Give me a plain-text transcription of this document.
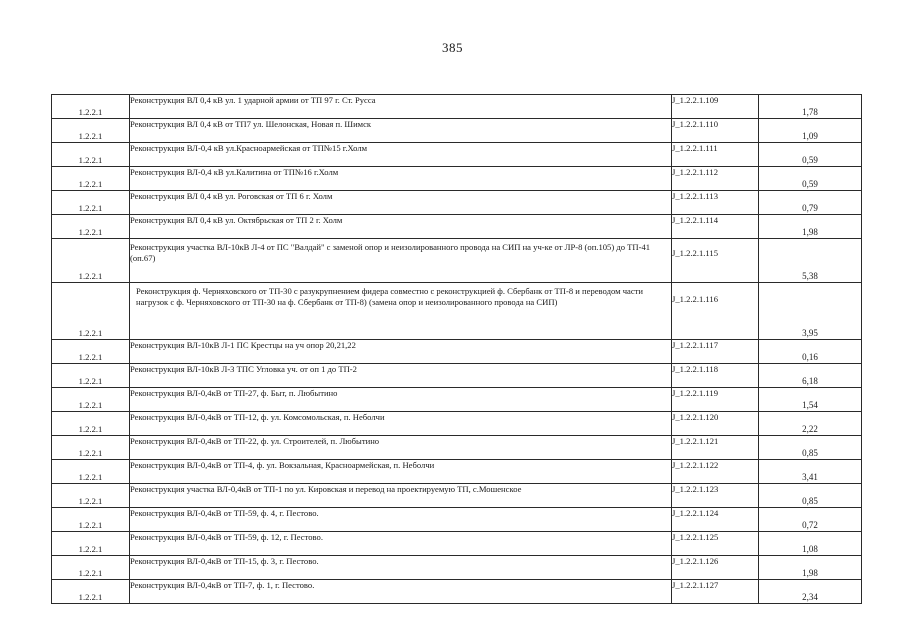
385
1.2.2.1	Реконструкция ВЛ 0,4 кВ ул. 1 ударной армии от ТП 97 г. Ст. Русса	J_1.2.2.1.109	1,78
1.2.2.1	Реконструкция ВЛ 0,4 кВ от ТП7 ул. Шелонская, Новая п. Шимск	J_1.2.2.1.110	1,09
1.2.2.1	Реконструкция ВЛ-0,4 кВ ул.Красноармейская от ТП№15 г.Холм	J_1.2.2.1.111	0,59
1.2.2.1	Реконструкция ВЛ-0,4 кВ ул.Калитина от ТП№16 г.Холм	J_1.2.2.1.112	0,59
1.2.2.1	Реконструкция ВЛ 0,4 кВ ул. Роговская от ТП 6 г. Холм	J_1.2.2.1.113	0,79
1.2.2.1	Реконструкция ВЛ 0,4 кВ ул. Октябрьская от ТП 2 г. Холм	J_1.2.2.1.114	1,98
1.2.2.1	Реконструкция участка ВЛ-10кВ Л-4 от ПС "Валдай" с заменой опор и неизолированного провода на СИП на уч-ке от ЛР-8 (оп.105) до ТП-41 (оп.67)	J_1.2.2.1.115	5,38
1.2.2.1	Реконструкция ф. Черняховского от ТП-30 с разукрупнением фидера совместно с реконструкцией ф. Сбербанк от ТП-8 и переводом части нагрузок с ф. Черняховского от ТП-30 на ф. Сбербанк от ТП-8) (замена опор и неизолированного провода на СИП)	J_1.2.2.1.116	3,95
1.2.2.1	Реконструкция ВЛ-10кВ Л-1 ПС Крестцы на уч опор 20,21,22	J_1.2.2.1.117	0,16
1.2.2.1	Реконструкция ВЛ-10кВ Л-3 ТПС Угловка уч. от оп 1 до ТП-2	J_1.2.2.1.118	6,18
1.2.2.1	Реконструкция ВЛ-0,4кВ от ТП-27, ф. Быт, п. Любытино	J_1.2.2.1.119	1,54
1.2.2.1	Реконструкция ВЛ-0,4кВ от ТП-12, ф. ул. Комсомольская, п. Неболчи	J_1.2.2.1.120	2,22
1.2.2.1	Реконструкция ВЛ-0,4кВ от ТП-22, ф. ул. Строителей, п. Любытино	J_1.2.2.1.121	0,85
1.2.2.1	Реконструкция ВЛ-0,4кВ от ТП-4, ф. ул. Вокзальная, Красноармейская, п. Неболчи	J_1.2.2.1.122	3,41
1.2.2.1	Реконструкция участка ВЛ-0,4кВ от ТП-1 по ул. Кировская и перевод на проектируемую ТП, с.Мошенское	J_1.2.2.1.123	0,85
1.2.2.1	Реконструкция ВЛ-0,4кВ от ТП-59, ф. 4, г. Пестово.	J_1.2.2.1.124	0,72
1.2.2.1	Реконструкция ВЛ-0,4кВ от ТП-59, ф. 12, г. Пестово.	J_1.2.2.1.125	1,08
1.2.2.1	Реконструкция ВЛ-0,4кВ от ТП-15, ф. 3, г. Пестово.	J_1.2.2.1.126	1,98
1.2.2.1	Реконструкция ВЛ-0,4кВ от ТП-7, ф. 1, г. Пестово.	J_1.2.2.1.127	2,34
